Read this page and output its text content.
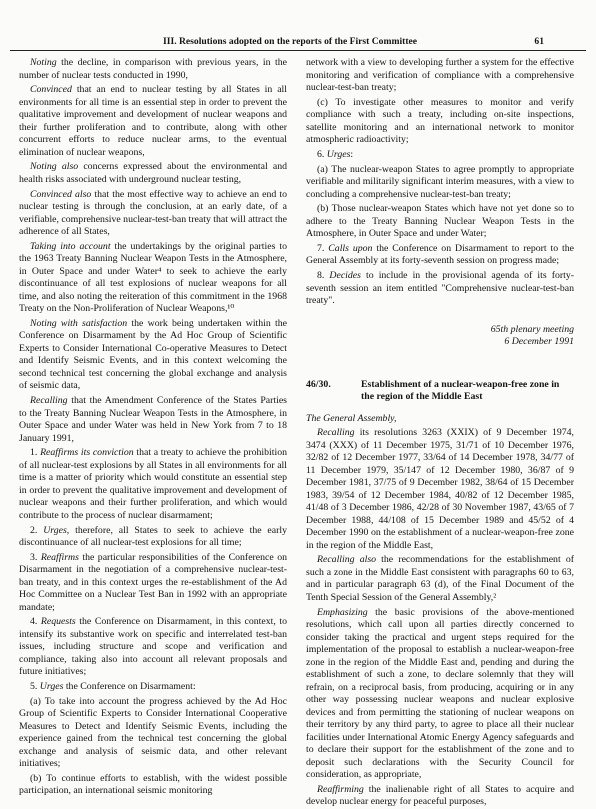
III. Resolutions adopted on the reports of the First Committee	61

Noting the decline, in comparison with previous years, in the number of nuclear tests conducted in 1990,

Convinced that an end to nuclear testing by all States in all environments for all time is an essential step in order to prevent the qualitative improvement and development of nuclear weapons and their further proliferation and to contribute, along with other concurrent efforts to reduce nuclear arms, to the eventual elimination of nuclear weapons,

Noting also concerns expressed about the environmental and health risks associated with underground nuclear testing,

Convinced also that the most effective way to achieve an end to nuclear testing is through the conclusion, at an early date, of a verifiable, comprehensive nuclear-test-ban treaty that will attract the adherence of all States,

Taking into account the undertakings by the original parties to the 1963 Treaty Banning Nuclear Weapon Tests in the Atmosphere, in Outer Space and under Water⁴ to seek to achieve the early discontinuance of all test explosions of nuclear weapons for all time, and also noting the reiteration of this commitment in the 1968 Treaty on the Non-Proliferation of Nuclear Weapons,¹⁰

Noting with satisfaction the work being undertaken within the Conference on Disarmament by the Ad Hoc Group of Scientific Experts to Consider International Co-operative Measures to Detect and Identify Seismic Events, and in this context welcoming the second technical test concerning the global exchange and analysis of seismic data,

Recalling that the Amendment Conference of the States Parties to the Treaty Banning Nuclear Weapon Tests in the Atmosphere, in Outer Space and under Water was held in New York from 7 to 18 January 1991,

1. Reaffirms its conviction that a treaty to achieve the prohibition of all nuclear-test explosions by all States in all environments for all time is a matter of priority which would constitute an essential step in order to prevent the qualitative improvement and development of nuclear weapons and their further proliferation, and which would contribute to the process of nuclear disarmament;

2. Urges, therefore, all States to seek to achieve the early discontinuance of all nuclear-test explosions for all time;

3. Reaffirms the particular responsibilities of the Conference on Disarmament in the negotiation of a comprehensive nuclear-test-ban treaty, and in this context urges the re-establishment of the Ad Hoc Committee on a Nuclear Test Ban in 1992 with an appropriate mandate;

4. Requests the Conference on Disarmament, in this context, to intensify its substantive work on specific and interrelated test-ban issues, including structure and scope and verification and compliance, taking also into account all relevant proposals and future initiatives;

5. Urges the Conference on Disarmament:

(a) To take into account the progress achieved by the Ad Hoc Group of Scientific Experts to Consider International Cooperative Measures to Detect and Identify Seismic Events, including the experience gained from the technical test concerning the global exchange and analysis of seismic data, and other relevant initiatives;

(b) To continue efforts to establish, with the widest possible participation, an international seismic monitoring

network with a view to developing further a system for the effective monitoring and verification of compliance with a comprehensive nuclear-test-ban treaty;

(c) To investigate other measures to monitor and verify compliance with such a treaty, including on-site inspections, satellite monitoring and an international network to monitor atmospheric radioactivity;

6. Urges:

(a) The nuclear-weapon States to agree promptly to appropriate verifiable and militarily significant interim measures, with a view to concluding a comprehensive nuclear-test-ban treaty;

(b) Those nuclear-weapon States which have not yet done so to adhere to the Treaty Banning Nuclear Weapon Tests in the Atmosphere, in Outer Space and under Water;

7. Calls upon the Conference on Disarmament to report to the General Assembly at its forty-seventh session on progress made;

8. Decides to include in the provisional agenda of its forty-seventh session an item entitled "Comprehensive nuclear-test-ban treaty".

65th plenary meeting
6 December 1991
46/30.	Establishment of a nuclear-weapon-free zone in the region of the Middle East
The General Assembly,

Recalling its resolutions 3263 (XXIX) of 9 December 1974, 3474 (XXX) of 11 December 1975, 31/71 of 10 December 1976, 32/82 of 12 December 1977, 33/64 of 14 December 1978, 34/77 of 11 December 1979, 35/147 of 12 December 1980, 36/87 of 9 December 1981, 37/75 of 9 December 1982, 38/64 of 15 December 1983, 39/54 of 12 December 1984, 40/82 of 12 December 1985, 41/48 of 3 December 1986, 42/28 of 30 November 1987, 43/65 of 7 December 1988, 44/108 of 15 December 1989 and 45/52 of 4 December 1990 on the establishment of a nuclear-weapon-free zone in the region of the Middle East,

Recalling also the recommendations for the establishment of such a zone in the Middle East consistent with paragraphs 60 to 63, and in particular paragraph 63 (d), of the Final Document of the Tenth Special Session of the General Assembly,²

Emphasizing the basic provisions of the above-mentioned resolutions, which call upon all parties directly concerned to consider taking the practical and urgent steps required for the implementation of the proposal to establish a nuclear-weapon-free zone in the region of the Middle East and, pending and during the establishment of such a zone, to declare solemnly that they will refrain, on a reciprocal basis, from producing, acquiring or in any other way possessing nuclear weapons and nuclear explosive devices and from permitting the stationing of nuclear weapons on their territory by any third party, to agree to place all their nuclear facilities under International Atomic Energy Agency safeguards and to declare their support for the establishment of the zone and to deposit such declarations with the Security Council for consideration, as appropriate,

Reaffirming the inalienable right of all States to acquire and develop nuclear energy for peaceful purposes,
